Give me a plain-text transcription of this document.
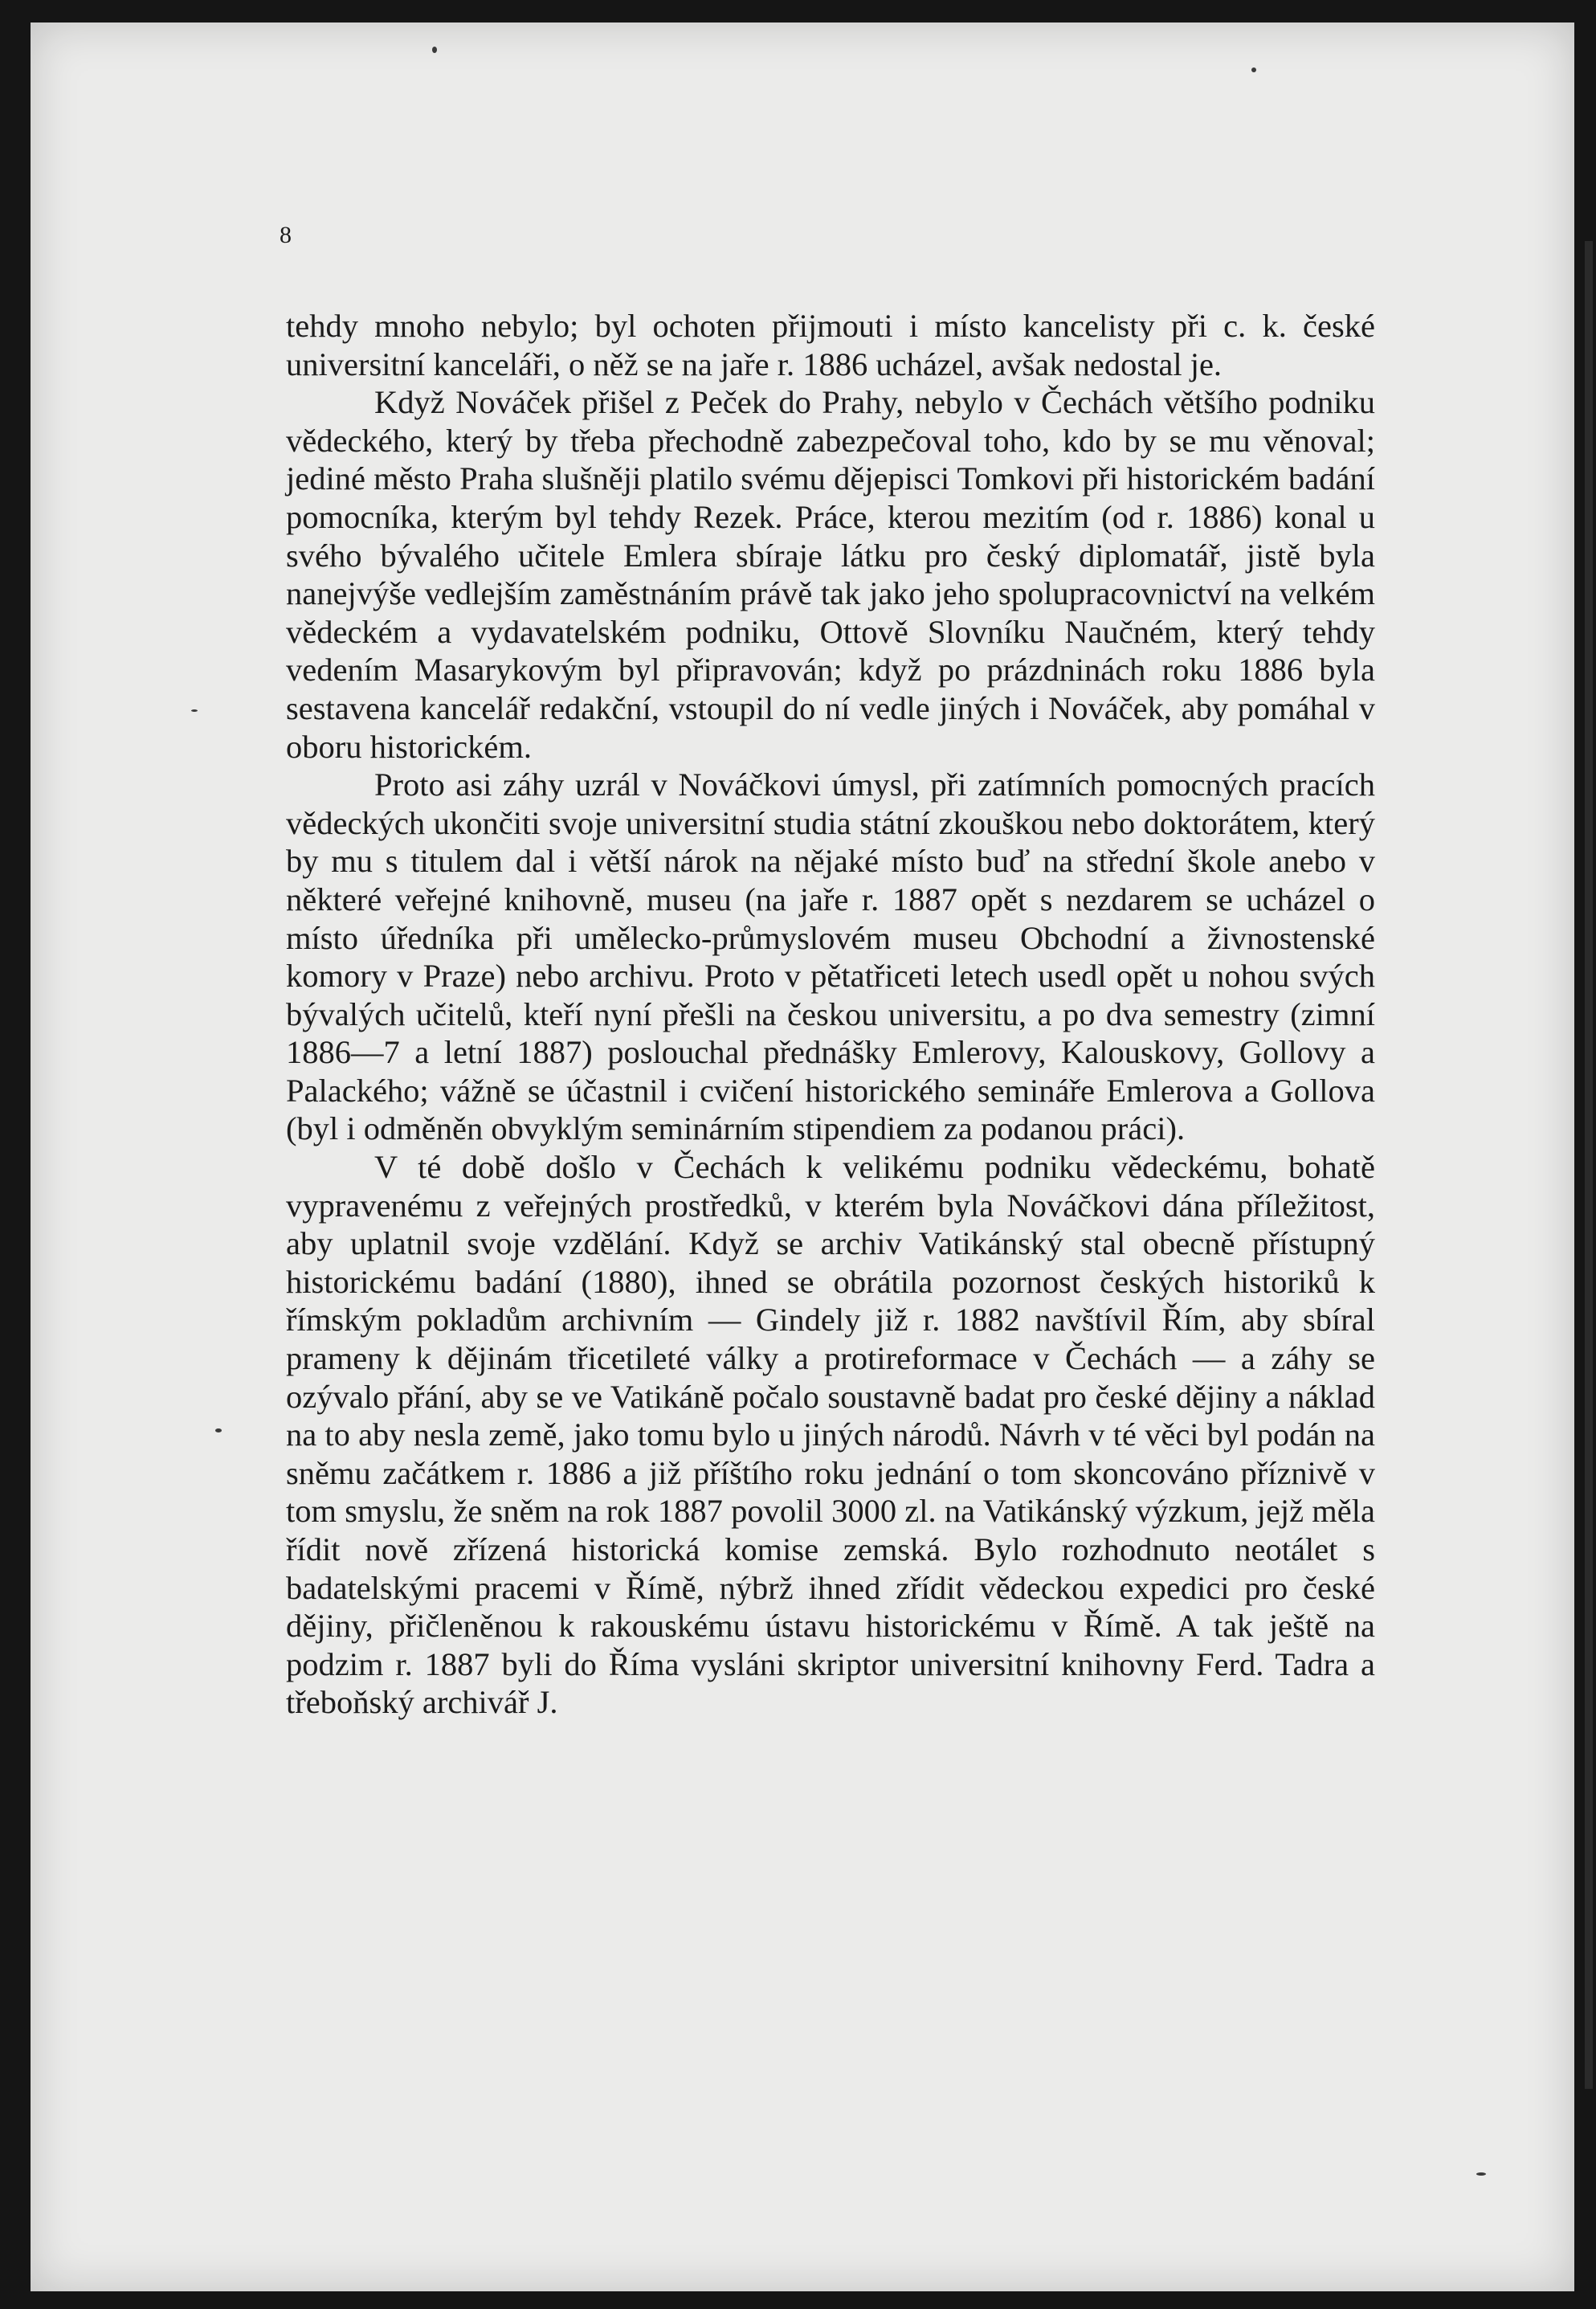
8

tehdy mnoho nebylo; byl ochoten přijmouti i místo kancelisty při c. k. české universitní kanceláři, o něž se na jaře r. 1886 ucházel, avšak nedostal je.

Když Nováček přišel z Peček do Prahy, nebylo v Čechách většího podniku vědeckého, který by třeba přechodně zabezpečoval toho, kdo by se mu věnoval; jediné město Praha slušněji platilo svému dějepisci Tomkovi při historickém badání pomocníka, kterým byl tehdy Rezek. Práce, kterou mezitím (od r. 1886) konal u svého bývalého učitele Emlera sbíraje látku pro český diplomatář, jistě byla nanejvýše vedlejším zaměstnáním právě tak jako jeho spolupracovnictví na velkém vědeckém a vydavatelském podniku, Ottově Slovníku Naučném, který tehdy vedením Masarykovým byl připravován; když po prázdninách roku 1886 byla sestavena kancelář redakční, vstoupil do ní vedle jiných i Nováček, aby pomáhal v oboru historickém.

Proto asi záhy uzrál v Nováčkovi úmysl, při zatímních pomocných pracích vědeckých ukončiti svoje universitní studia státní zkouškou nebo doktorátem, který by mu s titulem dal i větší nárok na nějaké místo buď na střední škole anebo v některé veřejné knihovně, museu (na jaře r. 1887 opět s nezdarem se ucházel o místo úředníka při umělecko-průmyslovém museu Obchodní a živnostenské komory v Praze) nebo archivu. Proto v pětatřiceti letech usedl opět u nohou svých bývalých učitelů, kteří nyní přešli na českou universitu, a po dva semestry (zimní 1886—7 a letní 1887) poslouchal přednášky Emlerovy, Kalouskovy, Gollovy a Palackého; vážně se účastnil i cvičení historického semináře Emlerova a Gollova (byl i odměněn obvyklým seminárním stipendiem za podanou práci).

V té době došlo v Čechách k velikému podniku vědeckému, bohatě vypravenému z veřejných prostředků, v kterém byla Nováčkovi dána příležitost, aby uplatnil svoje vzdělání. Když se archiv Vatikánský stal obecně přístupný historickému badání (1880), ihned se obrátila pozornost českých historiků k římským pokladům archivním — Gindely již r. 1882 navštívil Řím, aby sbíral prameny k dějinám třicetileté války a protireformace v Čechách — a záhy se ozývalo přání, aby se ve Vatikáně počalo soustavně badat pro české dějiny a náklad na to aby nesla země, jako tomu bylo u jiných národů. Návrh v té věci byl podán na sněmu začátkem r. 1886 a již příštího roku jednání o tom skoncováno příznivě v tom smyslu, že sněm na rok 1887 povolil 3000 zl. na Vatikánský výzkum, jejž měla řídit nově zřízená historická komise zemská. Bylo rozhodnuto neotálet s badatelskými pracemi v Římě, nýbrž ihned zřídit vědeckou expedici pro české dějiny, přičleněnou k rakouskému ústavu historickému v Římě. A tak ještě na podzim r. 1887 byli do Říma vysláni skriptor universitní knihovny Ferd. Tadra a třeboňský archivář J.
